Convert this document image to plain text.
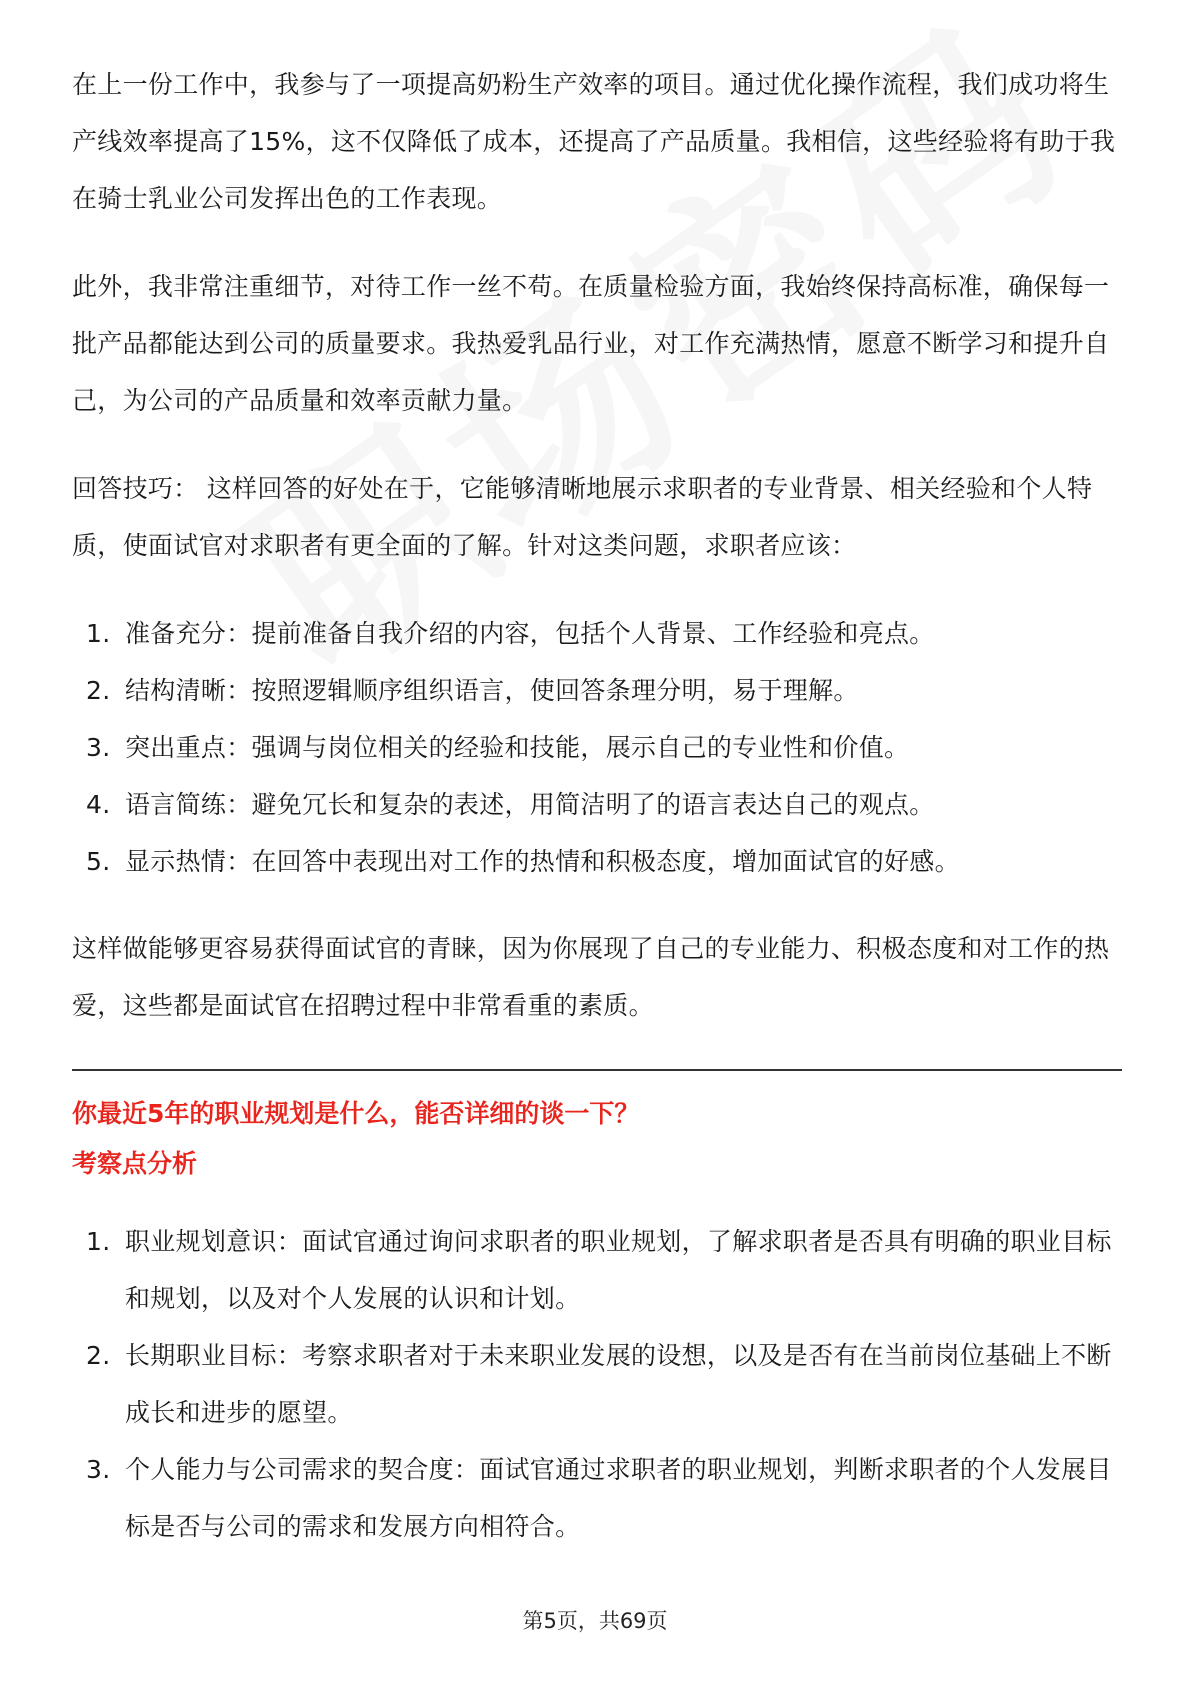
在上一份工作中，我参与了一项提高奶粉生产效率的项目。通过优化操作流程，我们成功将生产线效率提高了15%，这不仅降低了成本，还提高了产品质量。我相信，这些经验将有助于我在骑士乳业公司发挥出色的工作表现。

此外，我非常注重细节，对待工作一丝不苟。在质量检验方面，我始终保持高标准，确保每一批产品都能达到公司的质量要求。我热爱乳品行业，对工作充满热情，愿意不断学习和提升自己，为公司的产品质量和效率贡献力量。

回答技巧： 这样回答的好处在于，它能够清晰地展示求职者的专业背景、相关经验和个人特质，使面试官对求职者有更全面的了解。针对这类问题，求职者应该：

1. 准备充分：提前准备自我介绍的内容，包括个人背景、工作经验和亮点。
2. 结构清晰：按照逻辑顺序组织语言，使回答条理分明，易于理解。
3. 突出重点：强调与岗位相关的经验和技能，展示自己的专业性和价值。
4. 语言简练：避免冗长和复杂的表述，用简洁明了的语言表达自己的观点。
5. 显示热情：在回答中表现出对工作的热情和积极态度，增加面试官的好感。

这样做能够更容易获得面试官的青睐，因为你展现了自己的专业能力、积极态度和对工作的热爱，这些都是面试官在招聘过程中非常看重的素质。

你最近5年的职业规划是什么，能否详细的谈一下？
考察点分析
1. 职业规划意识：面试官通过询问求职者的职业规划，了解求职者是否具有明确的职业目标和规划，以及对个人发展的认识和计划。
2. 长期职业目标：考察求职者对于未来职业发展的设想，以及是否有在当前岗位基础上不断成长和进步的愿望。
3. 个人能力与公司需求的契合度：面试官通过求职者的职业规划，判断求职者的个人发展目标是否与公司的需求和发展方向相符合。
第5页，共69页
